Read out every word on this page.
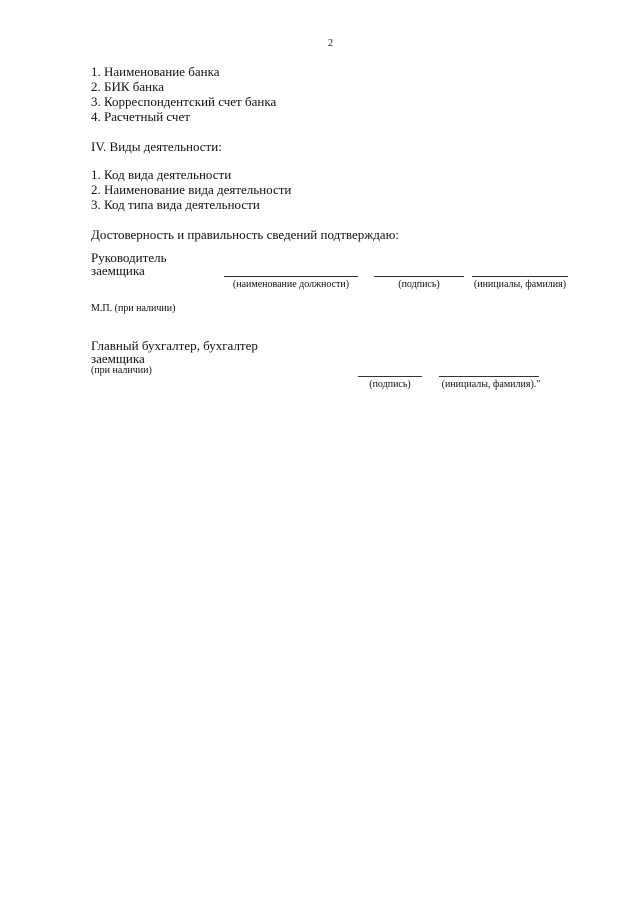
2
1. Наименование банка
2. БИК банка
3. Корреспондентский счет банка
4. Расчетный счет
IV. Виды деятельности:
1. Код вида деятельности
2. Наименование вида деятельности
3. Код типа вида деятельности
Достоверность и правильность сведений подтверждаю:
Руководитель
заемщика
(наименование должности)	(подпись)	(инициалы, фамилия)
М.П. (при наличии)
Главный бухгалтер, бухгалтер
заемщика
(при наличии)
(подпись)	(инициалы, фамилия)."
